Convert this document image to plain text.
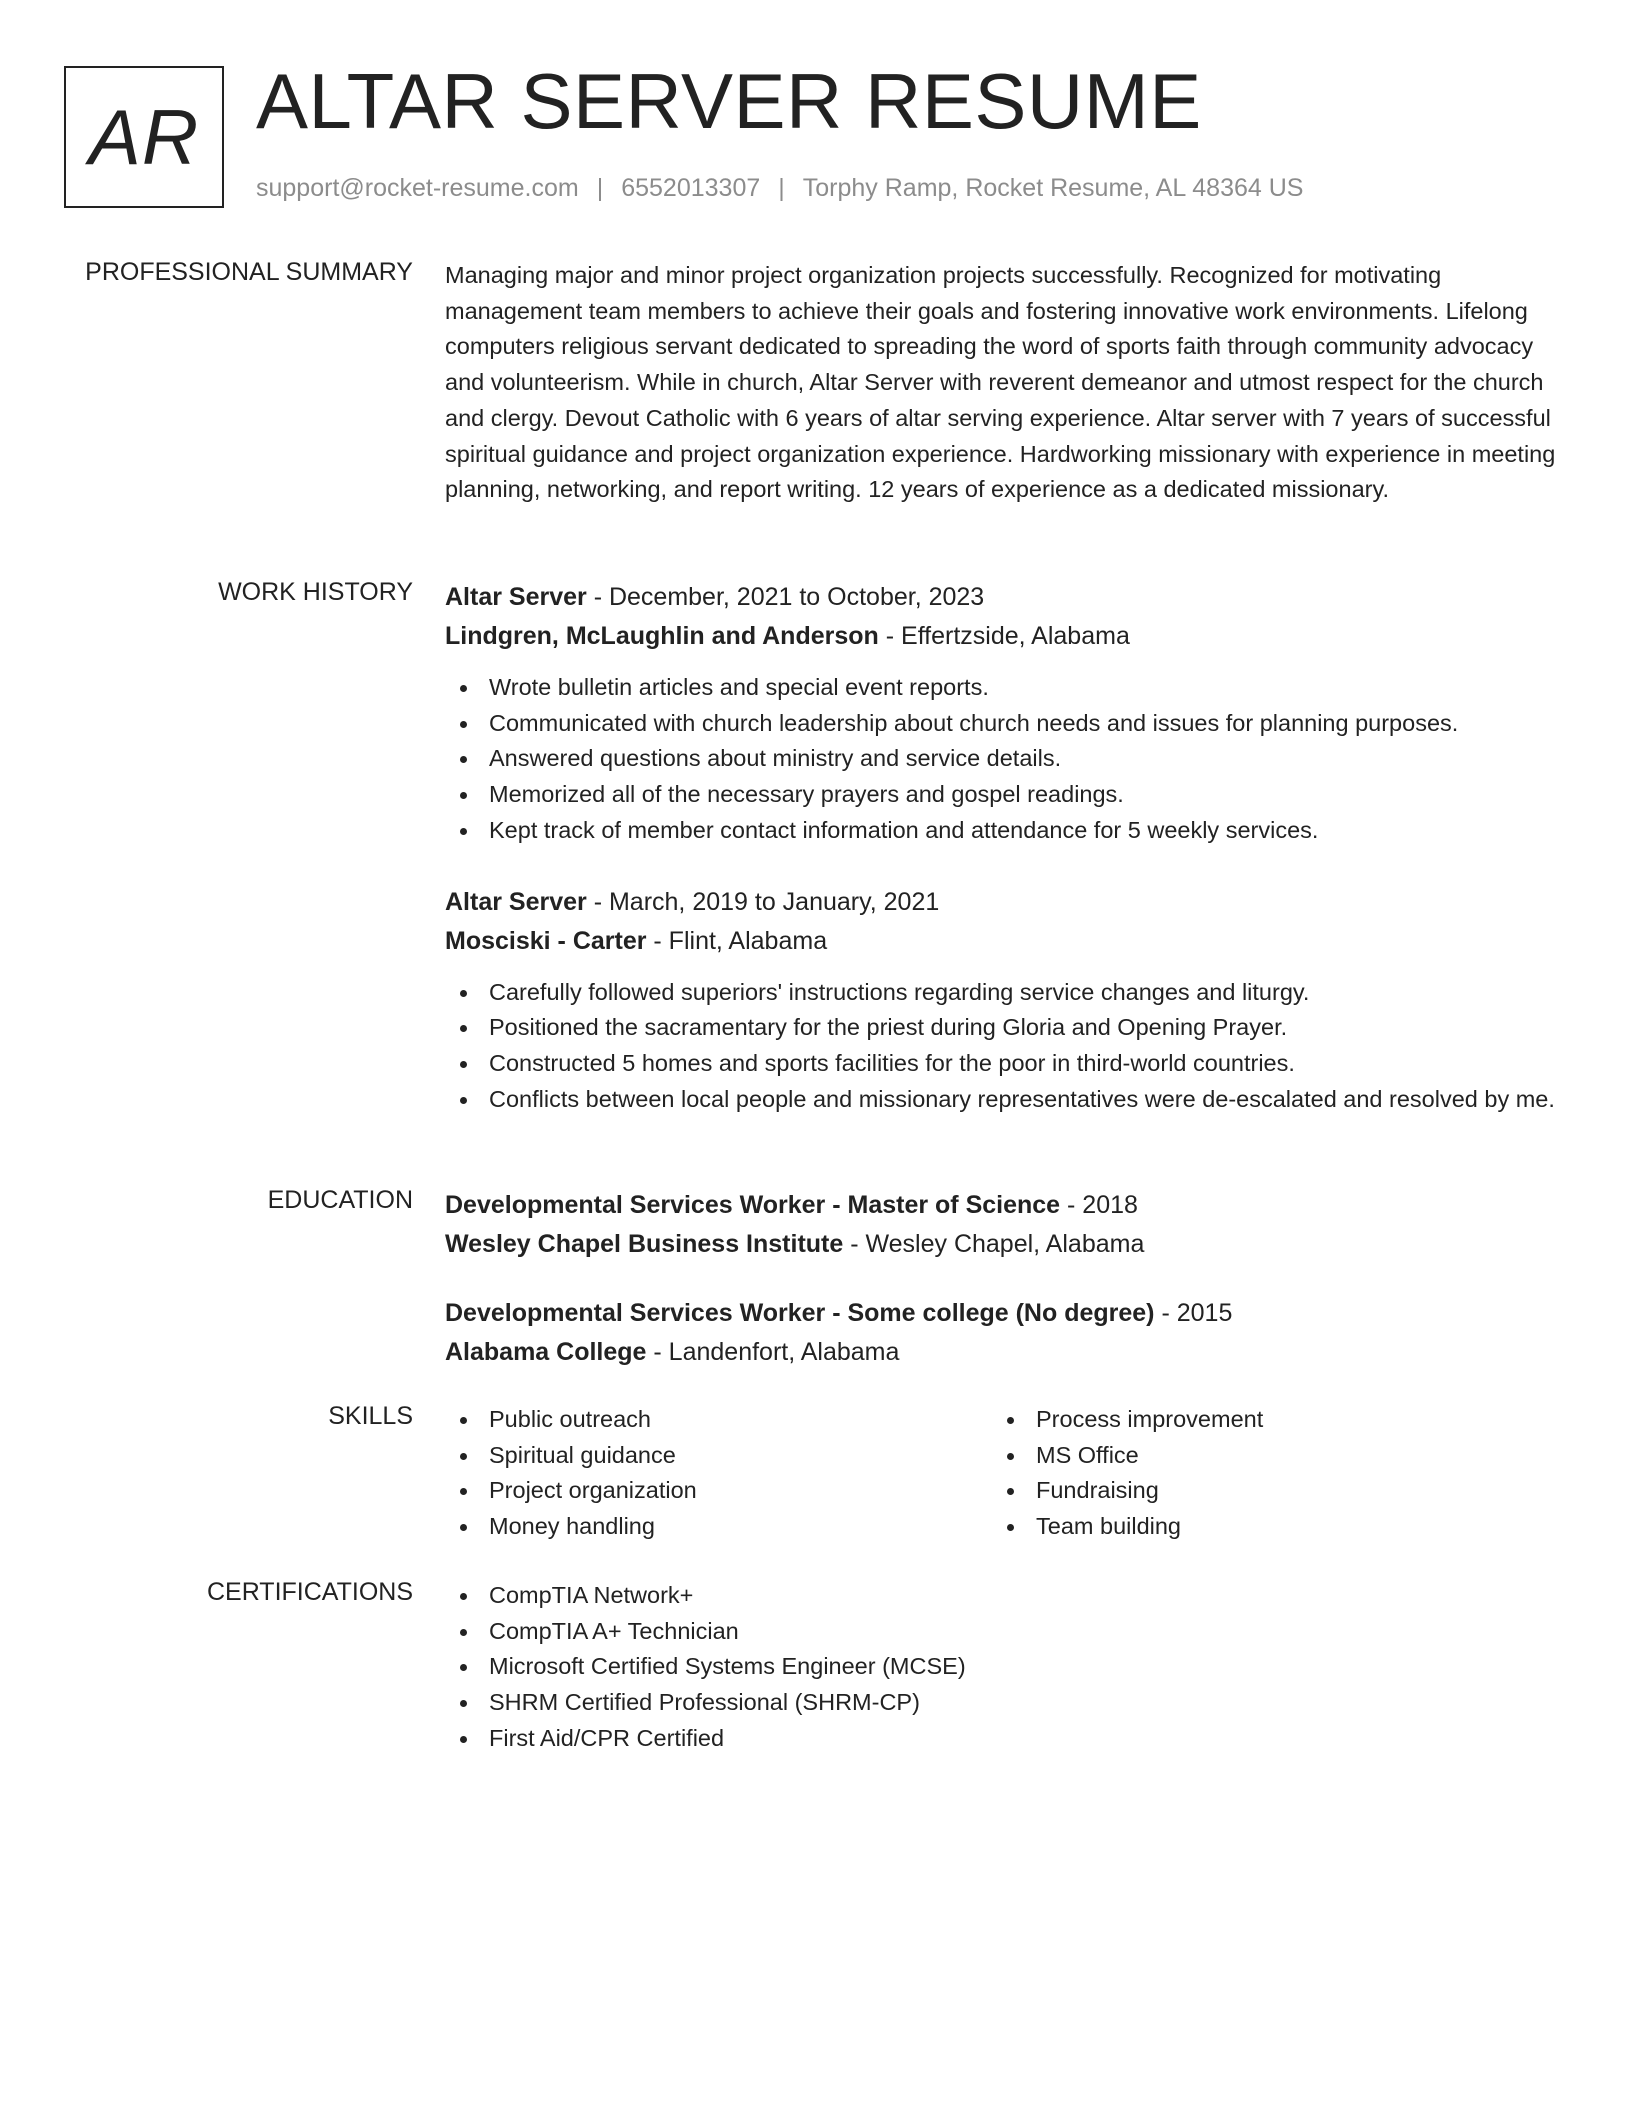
AR ALTAR SERVER RESUME
support@rocket-resume.com | 6552013307 | Torphy Ramp, Rocket Resume, AL 48364 US
PROFESSIONAL SUMMARY Managing major and minor project organization projects successfully. Recognized for motivating management team members to achieve their goals and fostering innovative work environments. Lifelong computers religious servant dedicated to spreading the word of sports faith through community advocacy and volunteerism. While in church, Altar Server with reverent demeanor and utmost respect for the church and clergy. Devout Catholic with 6 years of altar serving experience. Altar server with 7 years of successful spiritual guidance and project organization experience. Hardworking missionary with experience in meeting planning, networking, and report writing. 12 years of experience as a dedicated missionary.

WORK HISTORY Altar Server - December, 2021 to October, 2023
Lindgren, McLaughlin and Anderson - Effertzside, Alabama
Wrote bulletin articles and special event reports.
Communicated with church leadership about church needs and issues for planning purposes.
Answered questions about ministry and service details.
Memorized all of the necessary prayers and gospel readings.
Kept track of member contact information and attendance for 5 weekly services.
Altar Server - March, 2019 to January, 2021
Mosciski - Carter - Flint, Alabama
Carefully followed superiors' instructions regarding service changes and liturgy.
Positioned the sacramentary for the priest during Gloria and Opening Prayer.
Constructed 5 homes and sports facilities for the poor in third-world countries.
Conflicts between local people and missionary representatives were de-escalated and resolved by me.
EDUCATION Developmental Services Worker - Master of Science - 2018
Wesley Chapel Business Institute - Wesley Chapel, Alabama
Developmental Services Worker - Some college (No degree) - 2015
Alabama College - Landenfort, Alabama
SKILLS	Public outreach
Spiritual guidance
Project organization
Money handling
Process improvement
MS Office
Fundraising
Team building
CERTIFICATIONS	CompTIA Network+
CompTIA A+ Technician
Microsoft Certified Systems Engineer (MCSE)
SHRM Certified Professional (SHRM-CP)
First Aid/CPR Certified
